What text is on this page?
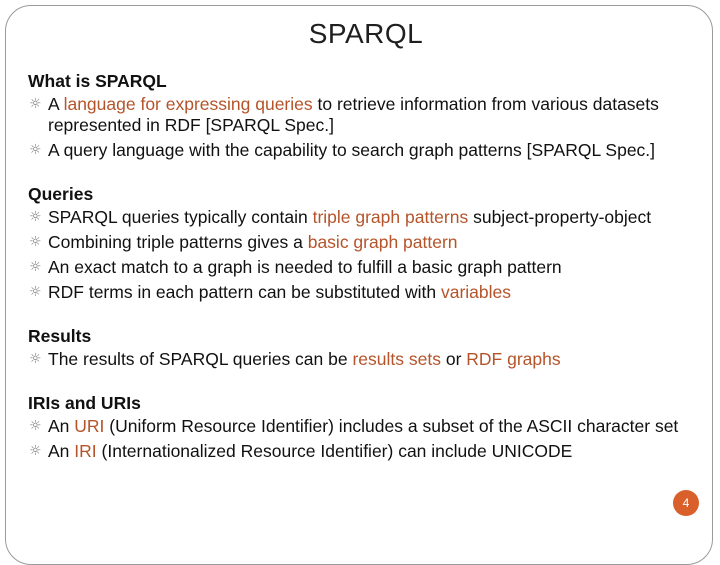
SPARQL
What is SPARQL
☼ A language for expressing queries to retrieve information from various datasets represented in RDF [SPARQL Spec.]
☼ A query language with the capability to search graph patterns [SPARQL Spec.]
Queries
☼ SPARQL queries typically contain triple graph patterns subject-property-object
☼ Combining triple patterns gives a basic graph pattern
☼ An exact match to a graph is needed to fulfill a basic graph pattern
☼ RDF terms in each pattern can be substituted with variables
Results
☼ The results of SPARQL queries can be results sets or RDF graphs
IRIs and URIs
☼ An URI (Uniform Resource Identifier) includes a subset of the ASCII character set
☼ An IRI (Internationalized Resource Identifier) can include UNICODE
4
